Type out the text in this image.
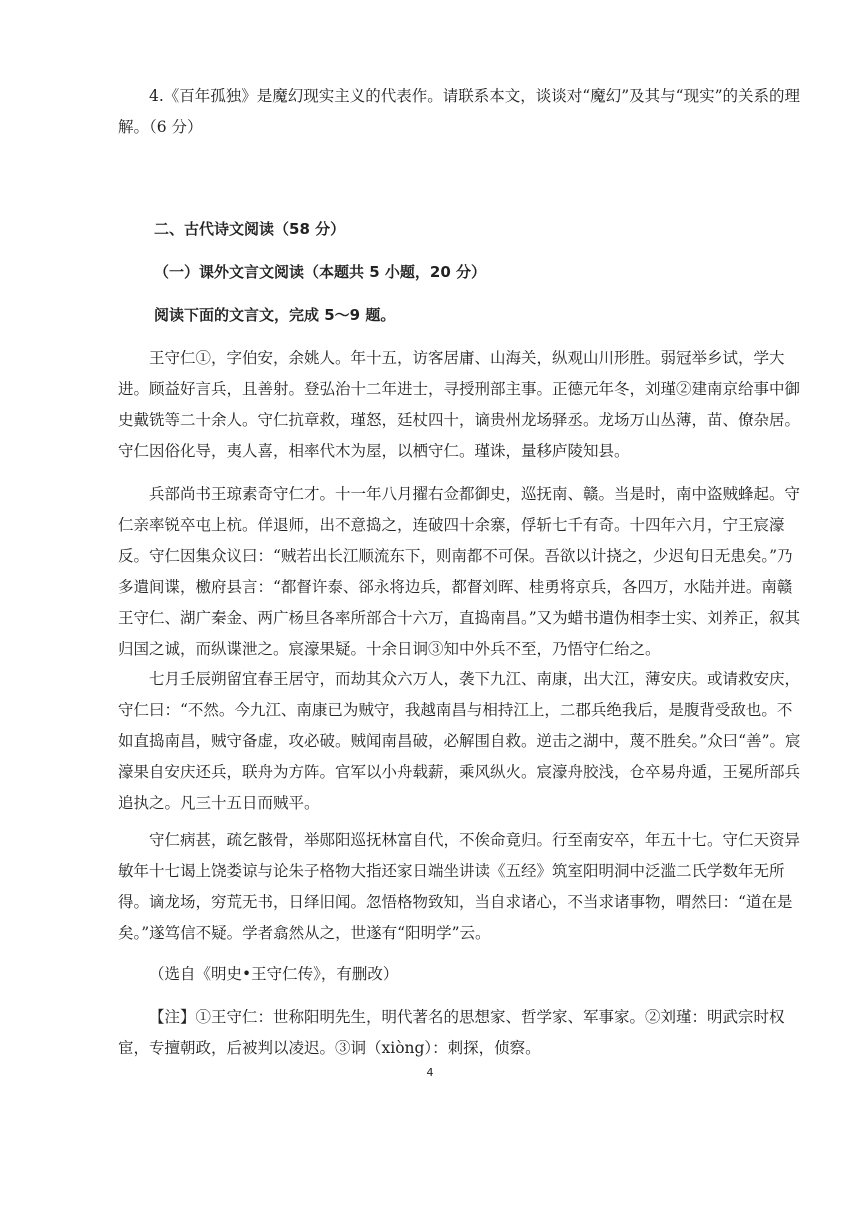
4.《百年孤独》是魔幻现实主义的代表作。请联系本文，谈谈对“魔幻”及其与“现实”的关系的理解。（6 分）

二、古代诗文阅读（58 分）

（一）课外文言文阅读（本题共 5 小题，20 分）

阅读下面的文言文，完成 5～9 题。

王守仁①，字伯安，余姚人。年十五，访客居庸、山海关，纵观山川形胜。弱冠举乡试，学大进。顾益好言兵，且善射。登弘治十二年进士，寻授刑部主事。正德元年冬，刘瑾②建南京给事中御史戴铣等二十余人。守仁抗章救，瑾怒，廷杖四十，谪贵州龙场驿丞。龙场万山丛薄，苗、僚杂居。守仁因俗化导，夷人喜，相率代木为屋，以栖守仁。瑾诛，量移庐陵知县。

兵部尚书王琼素奇守仁才。十一年八月擢右佥都御史，巡抚南、赣。当是时，南中盗贼蜂起。守仁亲率锐卒屯上杭。佯退师，出不意捣之，连破四十余寨，俘斩七千有奇。十四年六月，宁王宸濠反。守仁因集众议曰：“贼若出长江顺流东下，则南都不可保。吾欲以计挠之，少迟旬日无患矣。”乃多遣间谍，檄府县言：“都督许泰、郤永将边兵，都督刘晖、桂勇将京兵，各四万，水陆并进。南赣王守仁、湖广秦金、两广杨旦各率所部合十六万，直捣南昌。”又为蜡书遣伪相李士实、刘养正，叙其归国之诚，而纵谍泄之。宸濠果疑。十余日诇③知中外兵不至，乃悟守仁绐之。

七月壬辰朔留宜春王居守，而劫其众六万人，袭下九江、南康，出大江，薄安庆。或请救安庆，守仁曰：“不然。今九江、南康已为贼守，我越南昌与相持江上，二郡兵绝我后，是腹背受敌也。不如直捣南昌，贼守备虚，攻必破。贼闻南昌破，必解围自救。逆击之湖中，蔑不胜矣。”众曰“善”。宸濠果自安庆还兵，联舟为方阵。官军以小舟载薪，乘风纵火。宸濠舟胶浅，仓卒易舟遁，王冕所部兵追执之。凡三十五日而贼平。

守仁病甚，疏乞骸骨，举郧阳巡抚林富自代，不俟命竟归。行至南安卒，年五十七。守仁天资异敏年十七谒上饶娄谅与论朱子格物大指还家日端坐讲读《五经》筑室阳明洞中泛滥二氏学数年无所得。谪龙场，穷荒无书，日绎旧闻。忽悟格物致知，当自求诸心，不当求诸事物，喟然曰：“道在是矣。”遂笃信不疑。学者翕然从之，世遂有“阳明学”云。

（选自《明史•王守仁传》，有删改）

【注】①王守仁：世称阳明先生，明代著名的思想家、哲学家、军事家。②刘瑾：明武宗时权宦，专擅朝政，后被判以凌迟。③诇（xiòng）：刺探，侦察。

4
